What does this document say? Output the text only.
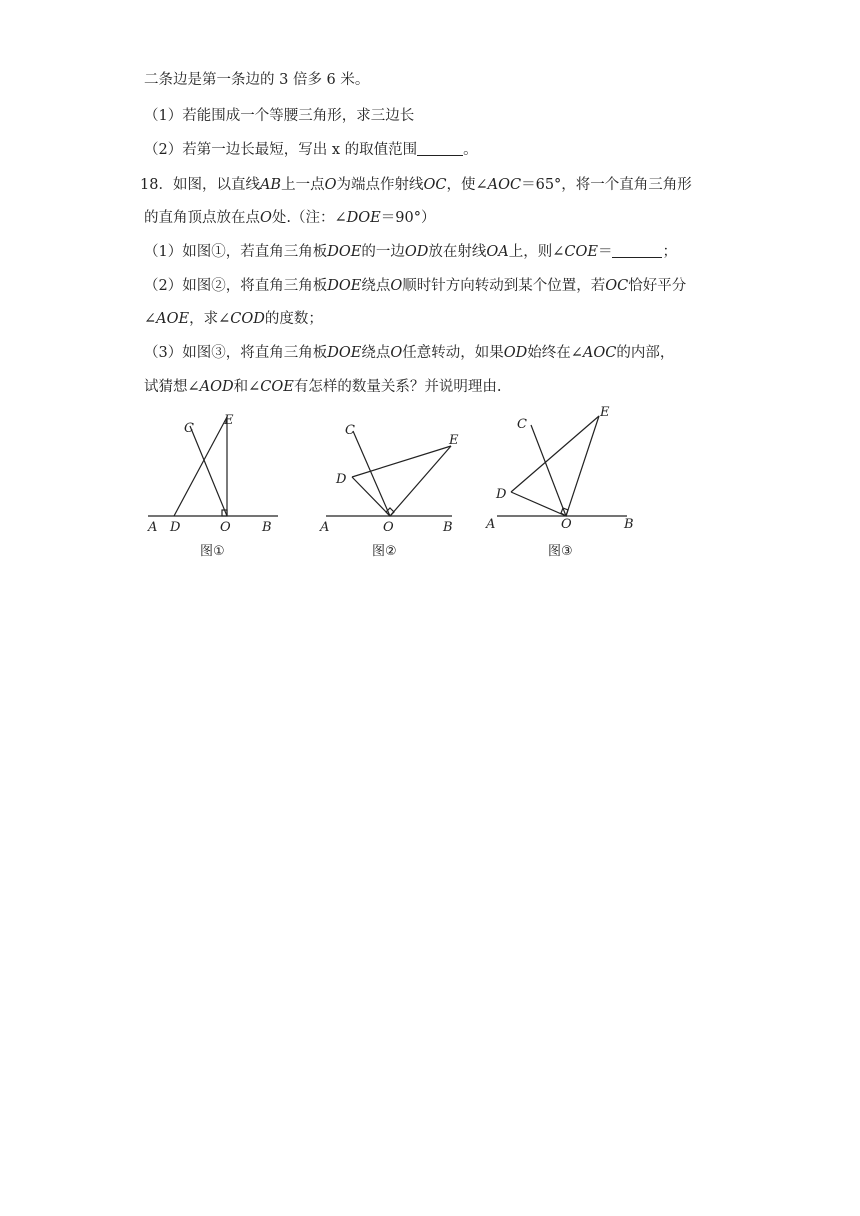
二条边是第一条边的 3 倍多 6 米。
（1）若能围成一个等腰三角形，求三边长
（2）若第一边长最短，写出 x 的取值范围	。
18．如图，以直线AB上一点O为端点作射线OC，使∠AOC＝65°，将一个直角三角形
的直角顶点放在点O处.（注：∠DOE＝90°）
（1）如图①，若直角三角板DOE的一边OD放在射线OA上，则∠COE＝	；
（2）如图②，将直角三角板DOE绕点O顺时针方向转动到某个位置，若OC恰好平分
∠AOE，求∠COD的度数；
（3）如图③，将直角三角板DOE绕点O任意转动，如果OD始终在∠AOC的内部，
试猜想∠AOD和∠COE有怎样的数量关系？并说明理由.
C
E
A D	O B
图①
C
E
D
A	O	B
图②
C
E
D
A	O	B
图③
